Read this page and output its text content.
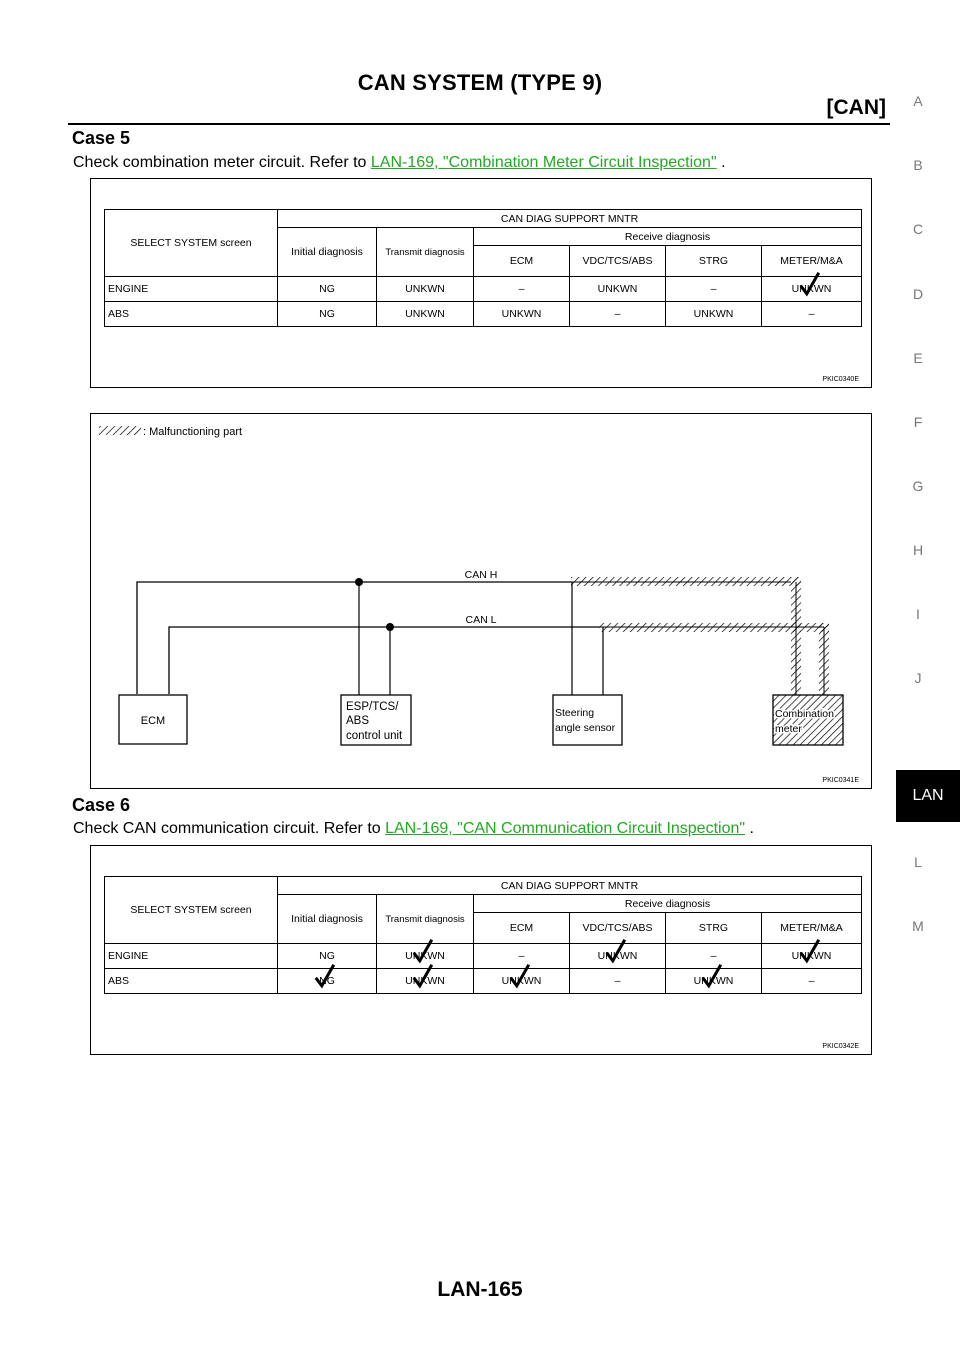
CAN SYSTEM (TYPE 9)
[CAN]
Case 5
Check combination meter circuit. Refer to LAN-169, "Combination Meter Circuit Inspection" .
SELECT SYSTEM screen	CAN DIAG SUPPORT MNTR					
	Initial diagnosis	Transmit diagnosis	Receive diagnosis			
			ECM	VDC/TCS/ABS	STRG	METER/M&A
ENGINE	NG	UNKWN	–	UNKWN	–	UNKWN

ABS	NG	UNKWN	UNKWN	–	UNKWN	–
PKIC0340E
: Malfunctioning part
CAN H
CAN L
ECM
ESP/TCS/
ABS
control unit
Steering
angle sensor
Combination
meter
PKIC0341E
Case 6
Check CAN communication circuit. Refer to LAN-169, "CAN Communication Circuit Inspection" .
SELECT SYSTEM screen	CAN DIAG SUPPORT MNTR					
	Initial diagnosis	Transmit diagnosis	Receive diagnosis			
			ECM	VDC/TCS/ABS	STRG	METER/M&A
ENGINE	NG	UNKWN	–	UNKWN	–	UNKWN

ABS	NG	UNKWN	UNKWN	–	UNKWN	–
PKIC0342E
A
B
C
D
E
F
G
H
I
J
LAN
L
M
LAN-165
